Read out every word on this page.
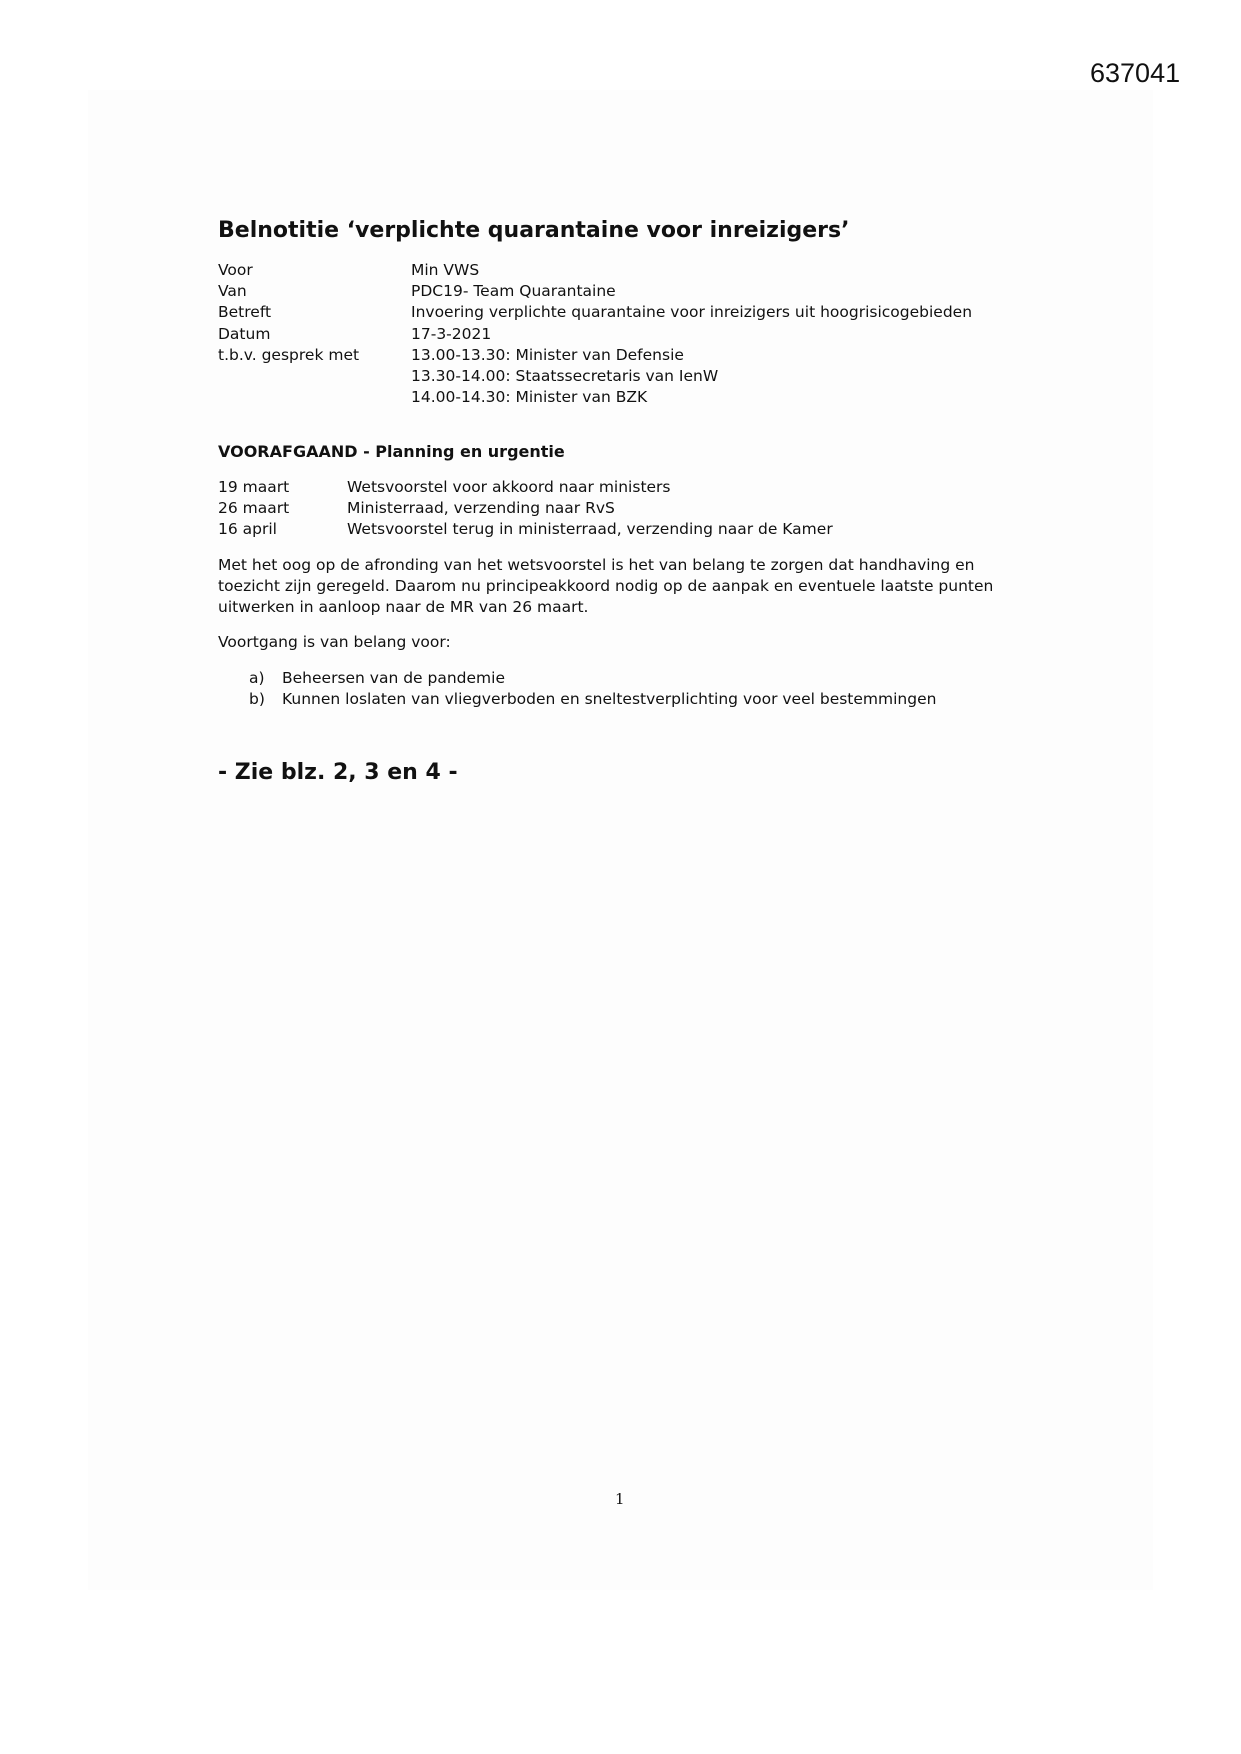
637041
Belnotitie ‘verplichte quarantaine voor inreizigers’
Voor	Min VWS
Van	PDC19- Team Quarantaine
Betreft	Invoering verplichte quarantaine voor inreizigers uit hoogrisicogebieden
Datum	17-3-2021
t.b.v. gesprek met	13.00-13.30: Minister van Defensie
13.30-14.00: Staatssecretaris van IenW
14.00-14.30: Minister van BZK
VOORAFGAAND - Planning en urgentie
19 maart	Wetsvoorstel voor akkoord naar ministers
26 maart	Ministerraad, verzending naar RvS
16 april	Wetsvoorstel terug in ministerraad, verzending naar de Kamer

Met het oog op de afronding van het wetsvoorstel is het van belang te zorgen dat handhaving en toezicht zijn geregeld. Daarom nu principeakkoord nodig op de aanpak en eventuele laatste punten uitwerken in aanloop naar de MR van 26 maart.

Voortgang is van belang voor:

a)	Beheersen van de pandemie
b)	Kunnen loslaten van vliegverboden en sneltestverplichting voor veel bestemmingen

- Zie blz. 2, 3 en 4 -

1
